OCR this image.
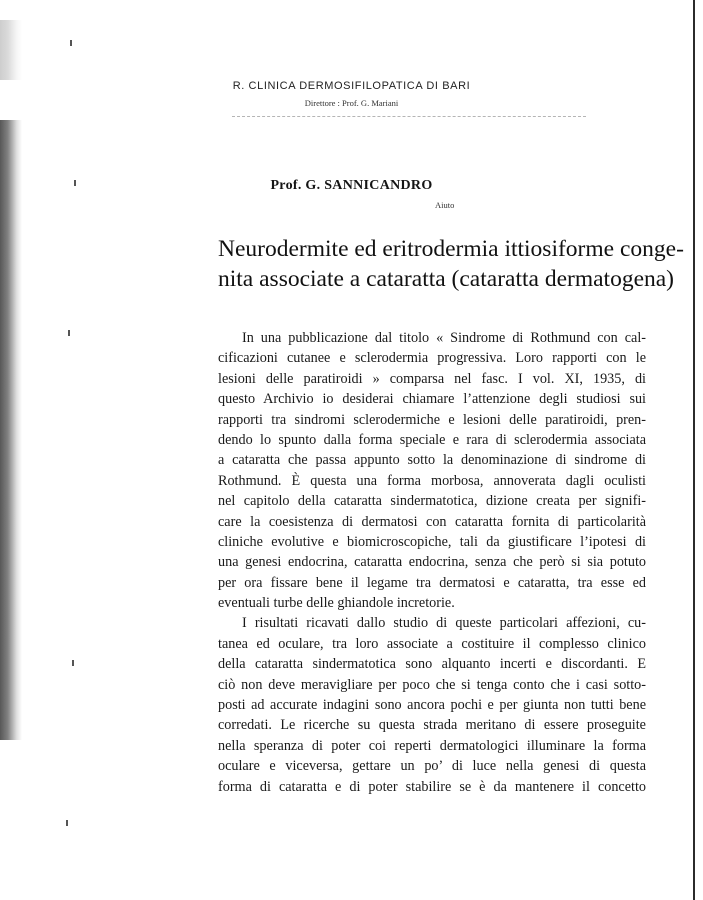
R. CLINICA DERMOSIFILOPATICA DI BARI
Direttore : Prof. G. Mariani
Prof. G. SANNICANDRO
Aiuto
Neurodermite ed eritrodermia ittiosiforme conge-
nita associate a cataratta (cataratta dermatogena)
In una pubblicazione dal titolo « Sindrome di Rothmund con cal-
cificazioni cutanee e sclerodermia progressiva. Loro rapporti con le
lesioni delle paratiroidi » comparsa nel fasc. I vol. XI, 1935, di
questo Archivio io desiderai chiamare l’attenzione degli studiosi sui
rapporti tra sindromi sclerodermiche e lesioni delle paratiroidi, pren-
dendo lo spunto dalla forma speciale e rara di sclerodermia associata
a cataratta che passa appunto sotto la denominazione di sindrome di
Rothmund. È questa una forma morbosa, annoverata dagli oculisti
nel capitolo della cataratta sindermatotica, dizione creata per signifi-
care la coesistenza di dermatosi con cataratta fornita di particolarità
cliniche evolutive e biomicroscopiche, tali da giustificare l’ipotesi di
una genesi endocrina, cataratta endocrina, senza che però si sia potuto
per ora fissare bene il legame tra dermatosi e cataratta, tra esse ed
eventuali turbe delle ghiandole incretorie.
I risultati ricavati dallo studio di queste particolari affezioni, cu-
tanea ed oculare, tra loro associate a costituire il complesso clinico
della cataratta sindermatotica sono alquanto incerti e discordanti. E
ciò non deve meravigliare per poco che si tenga conto che i casi sotto-
posti ad accurate indagini sono ancora pochi e per giunta non tutti bene
corredati. Le ricerche su questa strada meritano di essere proseguite
nella speranza di poter coi reperti dermatologici illuminare la forma
oculare e viceversa, gettare un po’ di luce nella genesi di questa
forma di cataratta e di poter stabilire se è da mantenere il concetto
